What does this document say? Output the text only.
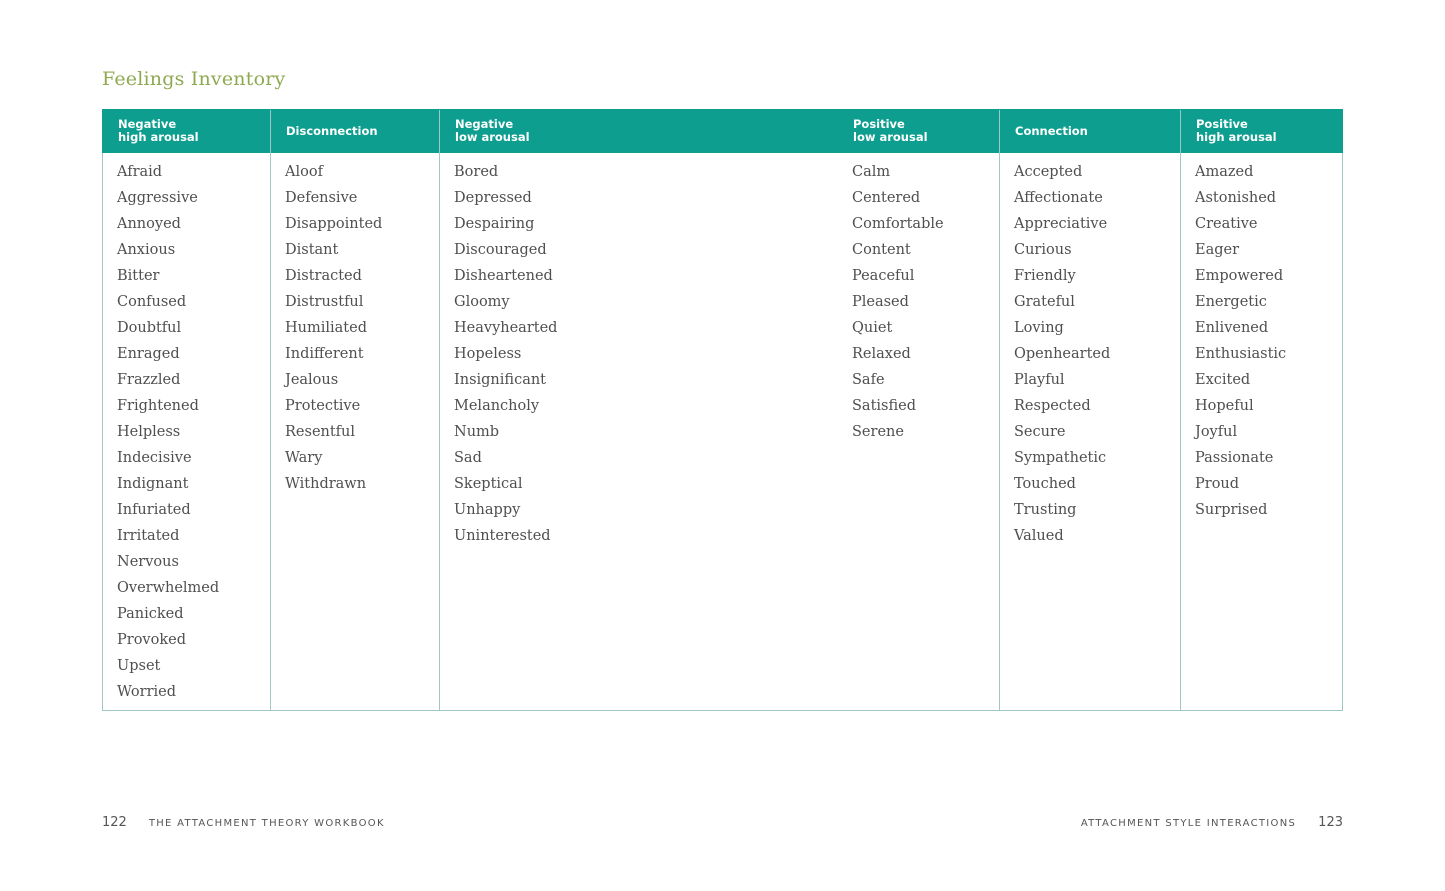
Feelings Inventory
Negative
high arousal
Afraid
Aggressive
Annoyed
Anxious
Bitter
Confused
Doubtful
Enraged
Frazzled
Frightened
Helpless
Indecisive
Indignant
Infuriated
Irritated
Nervous
Overwhelmed
Panicked
Provoked
Upset
Worried
Disconnection
Aloof
Defensive
Disappointed
Distant
Distracted
Distrustful
Humiliated
Indifferent
Jealous
Protective
Resentful
Wary
Withdrawn
Negative
low arousal
Bored
Depressed
Despairing
Discouraged
Disheartened
Gloomy
Heavyhearted
Hopeless
Insignificant
Melancholy
Numb
Sad
Skeptical
Unhappy
Uninterested
Positive
low arousal
Calm
Centered
Comfortable
Content
Peaceful
Pleased
Quiet
Relaxed
Safe
Satisfied
Serene
Connection
Accepted
Affectionate
Appreciative
Curious
Friendly
Grateful
Loving
Openhearted
Playful
Respected
Secure
Sympathetic
Touched
Trusting
Valued
Positive
high arousal
Amazed
Astonished
Creative
Eager
Empowered
Energetic
Enlivened
Enthusiastic
Excited
Hopeful
Joyful
Passionate
Proud
Surprised
122 THE ATTACHMENT THEORY WORKBOOK	ATTACHMENT STYLE INTERACTIONS 123
